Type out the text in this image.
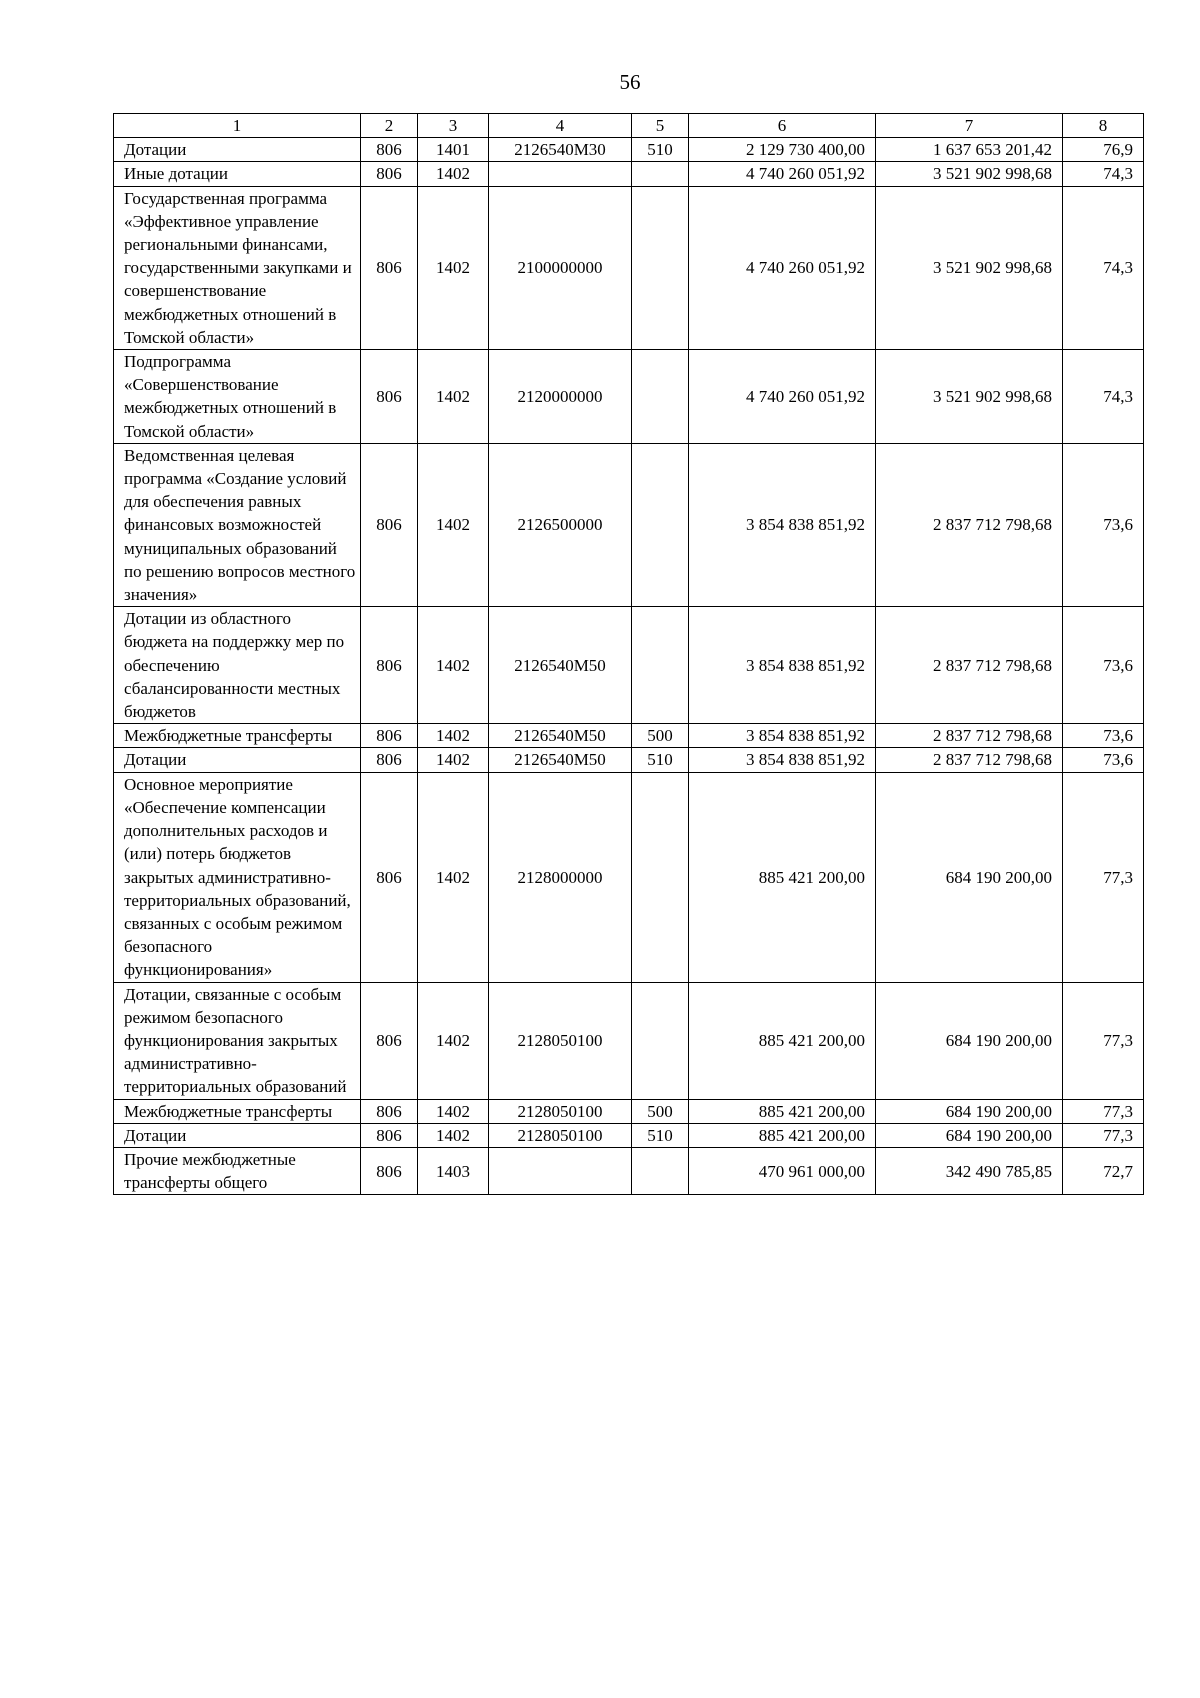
56
1	2	3	4	5	6	7	8
Дотации	806	1401	2126540М30	510	2 129 730 400,00	1 637 653 201,42	76,9
Иные дотации	806	1402			4 740 260 051,92	3 521 902 998,68	74,3
Государственная программа «Эффективное управление региональными финансами, государственными закупками и совершенствование межбюджетных отношений в Томской области»	806	1402	2100000000		4 740 260 051,92	3 521 902 998,68	74,3
Подпрограмма «Совершенствование межбюджетных отношений в Томской области»	806	1402	2120000000		4 740 260 051,92	3 521 902 998,68	74,3
Ведомственная целевая программа «Создание условий для обеспечения равных финансовых возможностей муниципальных образований по решению вопросов местного значения»	806	1402	2126500000		3 854 838 851,92	2 837 712 798,68	73,6
Дотации из областного бюджета на поддержку мер по обеспечению сбалансированности местных бюджетов	806	1402	2126540М50		3 854 838 851,92	2 837 712 798,68	73,6
Межбюджетные трансферты	806	1402	2126540М50	500	3 854 838 851,92	2 837 712 798,68	73,6
Дотации	806	1402	2126540М50	510	3 854 838 851,92	2 837 712 798,68	73,6
Основное мероприятие «Обеспечение компенсации дополнительных расходов и (или) потерь бюджетов закрытых административно-территориальных образований, связанных с особым режимом безопасного функционирования»	806	1402	2128000000		885 421 200,00	684 190 200,00	77,3
Дотации, связанные с особым режимом безопасного функционирования закрытых административно-территориальных образований	806	1402	2128050100		885 421 200,00	684 190 200,00	77,3
Межбюджетные трансферты	806	1402	2128050100	500	885 421 200,00	684 190 200,00	77,3
Дотации	806	1402	2128050100	510	885 421 200,00	684 190 200,00	77,3
Прочие межбюджетные трансферты общего	806	1403			470 961 000,00	342 490 785,85	72,7
